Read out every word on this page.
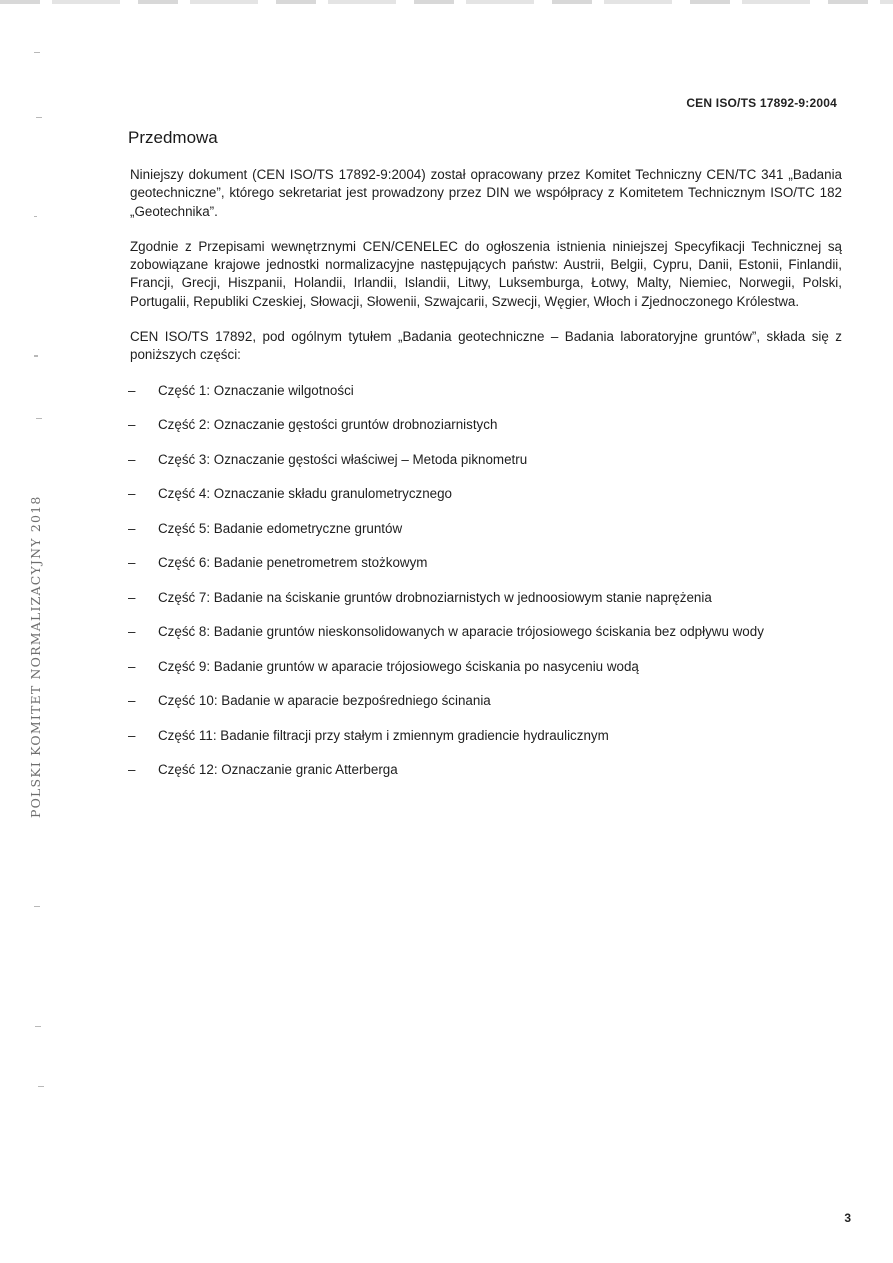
CEN ISO/TS 17892-9:2004
Przedmowa

Niniejszy dokument (CEN ISO/TS 17892-9:2004) został opracowany przez Komitet Techniczny CEN/TC 341 „Badania geotechniczne”, którego sekretariat jest prowadzony przez DIN we współpracy z Komitetem Technicznym ISO/TC 182 „Geotechnika”.

Zgodnie z Przepisami wewnętrznymi CEN/CENELEC do ogłoszenia istnienia niniejszej Specyfikacji Technicznej są zobowiązane krajowe jednostki normalizacyjne następujących państw: Austrii, Belgii, Cypru, Danii, Estonii, Finlandii, Francji, Grecji, Hiszpanii, Holandii, Irlandii, Islandii, Litwy, Luksemburga, Łotwy, Malty, Niemiec, Norwegii, Polski, Portugalii, Republiki Czeskiej, Słowacji, Słowenii, Szwajcarii, Szwecji, Węgier, Włoch i Zjednoczonego Królestwa.

CEN ISO/TS 17892, pod ogólnym tytułem „Badania geotechniczne – Badania laboratoryjne gruntów”, składa się z poniższych części:

–	Część 1: Oznaczanie wilgotności
–	Część 2: Oznaczanie gęstości gruntów drobnoziarnistych
–	Część 3: Oznaczanie gęstości właściwej – Metoda piknometru
–	Część 4: Oznaczanie składu granulometrycznego
–	Część 5: Badanie edometryczne gruntów
–	Część 6: Badanie penetrometrem stożkowym
–	Część 7: Badanie na ściskanie gruntów drobnoziarnistych w jednoosiowym stanie naprężenia
–	Część 8: Badanie gruntów nieskonsolidowanych w aparacie trójosiowego ściskania bez odpływu wody
–	Część 9: Badanie gruntów w aparacie trójosiowego ściskania po nasyceniu wodą
–	Część 10: Badanie w aparacie bezpośredniego ścinania
–	Część 11: Badanie filtracji przy stałym i zmiennym gradiencie hydraulicznym
–	Część 12: Oznaczanie granic Atterberga
POLSKI KOMITET NORMALIZACYJNY 2018
3
